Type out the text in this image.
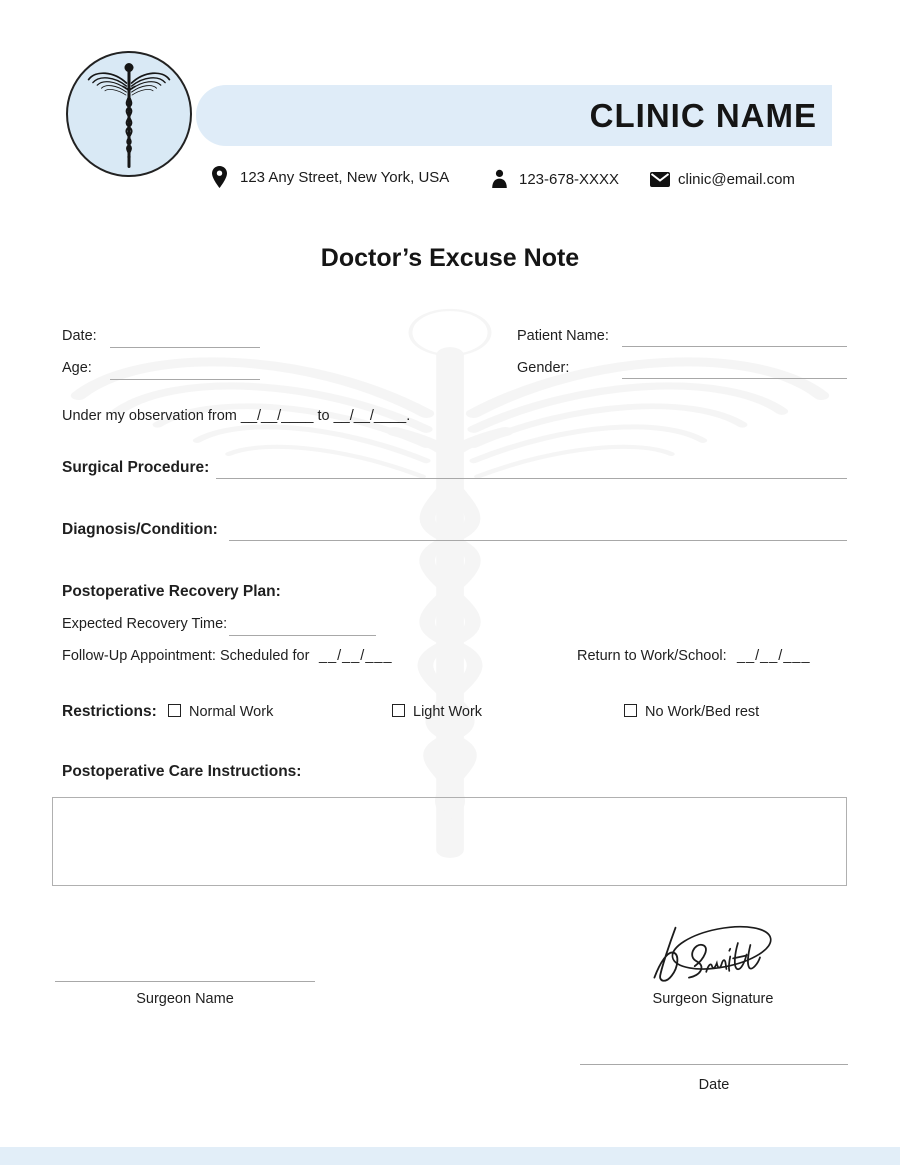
CLINIC NAME
123 Any Street, New York, USA	123-678-XXXX	clinic@email.com
Doctor’s Excuse Note
Date:	Patient Name:
Age:	Gender:
Under my observation from __/__/____ to __/__/____.
Surgical Procedure:
Diagnosis/Condition:
Postoperative Recovery Plan:
Expected Recovery Time:
Follow-Up Appointment: Scheduled for __/__/___	Return to Work/School: __/__/___
Restrictions:	Normal Work	Light Work	No Work/Bed rest
Postoperative Care Instructions:
Surgeon Name	Surgeon Signature
Date
